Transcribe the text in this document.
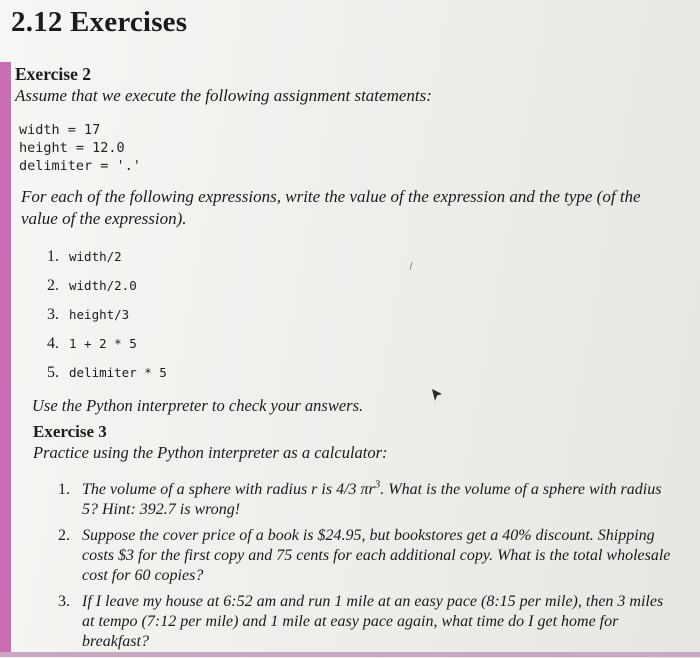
2.12 Exercises
Exercise 2
Assume that we execute the following assignment statements:
width = 17
height = 12.0
delimiter = '.'
For each of the following expressions, write the value of the expression and the type (of the
value of the expression).
1. width/2
2. width/2.0
3. height/3
4. 1 + 2 * 5
5. delimiter * 5
Use the Python interpreter to check your answers.
Exercise 3
Practice using the Python interpreter as a calculator:
1. The volume of a sphere with radius r is 4/3 $\pi r^3$. What is the volume of a sphere with radius 5? Hint: 392.7 is wrong!
2. Suppose the cover price of a book is $24.95, but bookstores get a 40% discount. Shipping costs $3 for the first copy and 75 cents for each additional copy. What is the total wholesale cost for 60 copies?
3. If I leave my house at 6:52 am and run 1 mile at an easy pace (8:15 per mile), then 3 miles at tempo (7:12 per mile) and 1 mile at easy pace again, what time do I get home for breakfast?
